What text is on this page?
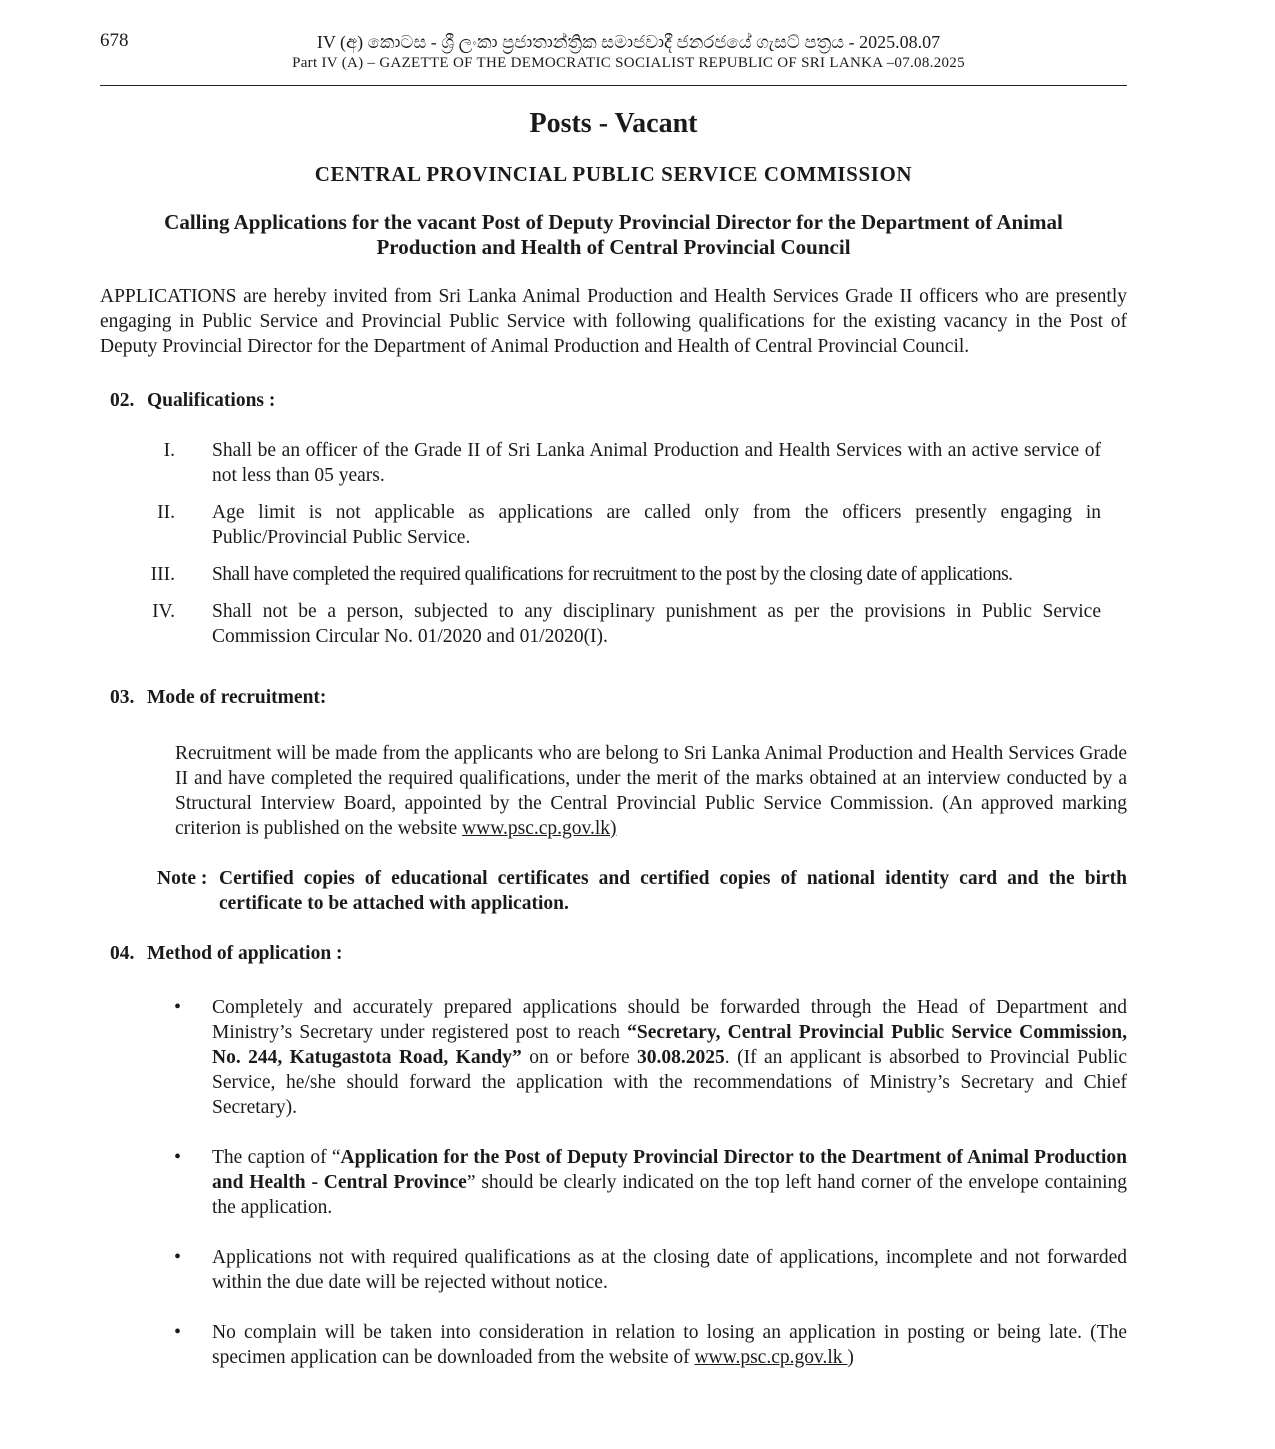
678	IV (අ) කොටස - ශ්‍රී ලංකා ප්‍රජාතාන්ත්‍රික සමාජවාදී ජනරජයේ ගැසට් පත්‍රය - 2025.08.07
Part IV (A) – GAZETTE OF THE DEMOCRATIC SOCIALIST REPUBLIC OF SRI LANKA –07.08.2025
Posts - Vacant
CENTRAL PROVINCIAL PUBLIC SERVICE COMMISSION
Calling Applications for the vacant Post of Deputy Provincial Director for the Department of Animal
Production and Health of Central Provincial Council

APPLICATIONS are hereby invited from Sri Lanka Animal Production and Health Services Grade II officers who are presently engaging in Public Service and Provincial Public Service with following qualifications for the existing vacancy in the Post of Deputy Provincial Director for the Department of Animal Production and Health of Central Provincial Council.

02. Qualifications :
I.	Shall be an officer of the Grade II of Sri Lanka Animal Production and Health Services with an active service of not less than 05 years.
II.	Age limit is not applicable as applications are called only from the officers presently engaging in Public/Provincial Public Service.
III.	Shall have completed the required qualifications for recruitment to the post by the closing date of applications.
IV.	Shall not be a person, subjected to any disciplinary punishment as per the provisions in Public Service Commission Circular No. 01/2020 and 01/2020(I).
03. Mode of recruitment:

Recruitment will be made from the applicants who are belong to Sri Lanka Animal Production and Health Services Grade II and have completed the required qualifications, under the merit of the marks obtained at an interview conducted by a Structural Interview Board, appointed by the Central Provincial Public Service Commission. (An approved marking criterion is published on the website www.psc.cp.gov.lk)

Note : Certified copies of educational certificates and certified copies of national identity card and the birth certificate to be attached with application.
04. Method of application :
•
Completely and accurately prepared applications should be forwarded through the Head of Department and Ministry’s Secretary under registered post to reach “Secretary, Central Provincial Public Service Commission, No. 244, Katugastota Road, Kandy” on or before 30.08.2025. (If an applicant is absorbed to Provincial Public Service, he/she should forward the application with the recommendations of Ministry’s Secretary and Chief Secretary).
•
The caption of “Application for the Post of Deputy Provincial Director to the Deartment of Animal Production and Health - Central Province” should be clearly indicated on the top left hand corner of the envelope containing the application.
•
Applications not with required qualifications as at the closing date of applications, incomplete and not forwarded within the due date will be rejected without notice.
•
No complain will be taken into consideration in relation to losing an application in posting or being late. (The specimen application can be downloaded from the website of www.psc.cp.gov.lk )
